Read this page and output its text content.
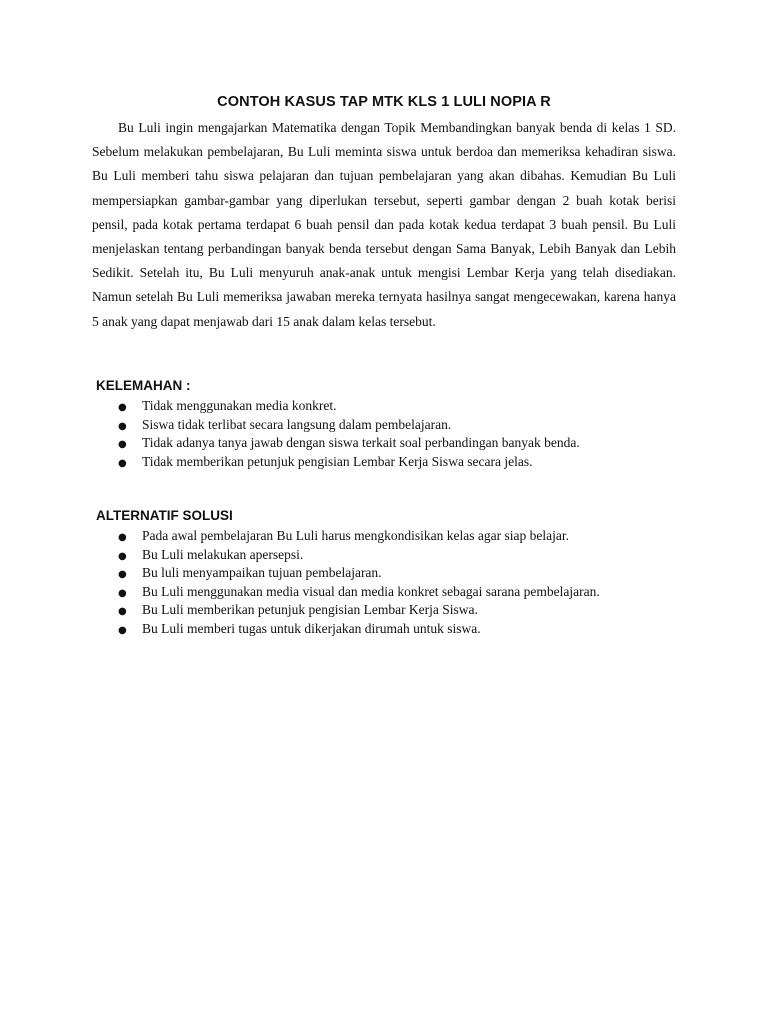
CONTOH KASUS TAP MTK KLS 1 LULI NOPIA R

Bu Luli ingin mengajarkan Matematika dengan Topik Membandingkan banyak benda di kelas 1 SD. Sebelum melakukan pembelajaran, Bu Luli meminta siswa untuk berdoa dan memeriksa kehadiran siswa. Bu Luli memberi tahu siswa pelajaran dan tujuan pembelajaran yang akan dibahas. Kemudian Bu Luli mempersiapkan gambar-gambar yang diperlukan tersebut, seperti gambar dengan 2 buah kotak berisi pensil, pada kotak pertama terdapat 6 buah pensil dan pada kotak kedua terdapat 3 buah pensil. Bu Luli menjelaskan tentang perbandingan banyak benda tersebut dengan Sama Banyak, Lebih Banyak dan Lebih Sedikit. Setelah itu, Bu Luli menyuruh anak-anak untuk mengisi Lembar Kerja yang telah disediakan. Namun setelah Bu Luli memeriksa jawaban mereka ternyata hasilnya sangat mengecewakan, karena hanya 5 anak yang dapat menjawab dari 15 anak dalam kelas tersebut.

KELEMAHAN :
●	Tidak menggunakan media konkret.
●	Siswa tidak terlibat secara langsung dalam pembelajaran.
●	Tidak adanya tanya jawab dengan siswa terkait soal perbandingan banyak benda.
●	Tidak memberikan petunjuk pengisian Lembar Kerja Siswa secara jelas.
ALTERNATIF SOLUSI
●	Pada awal pembelajaran Bu Luli harus mengkondisikan kelas agar siap belajar.
●	Bu Luli melakukan apersepsi.
●	Bu luli menyampaikan tujuan pembelajaran.
●	Bu Luli menggunakan media visual dan media konkret sebagai sarana pembelajaran.
●	Bu Luli memberikan petunjuk pengisian Lembar Kerja Siswa.
●	Bu Luli memberi tugas untuk dikerjakan dirumah untuk siswa.
